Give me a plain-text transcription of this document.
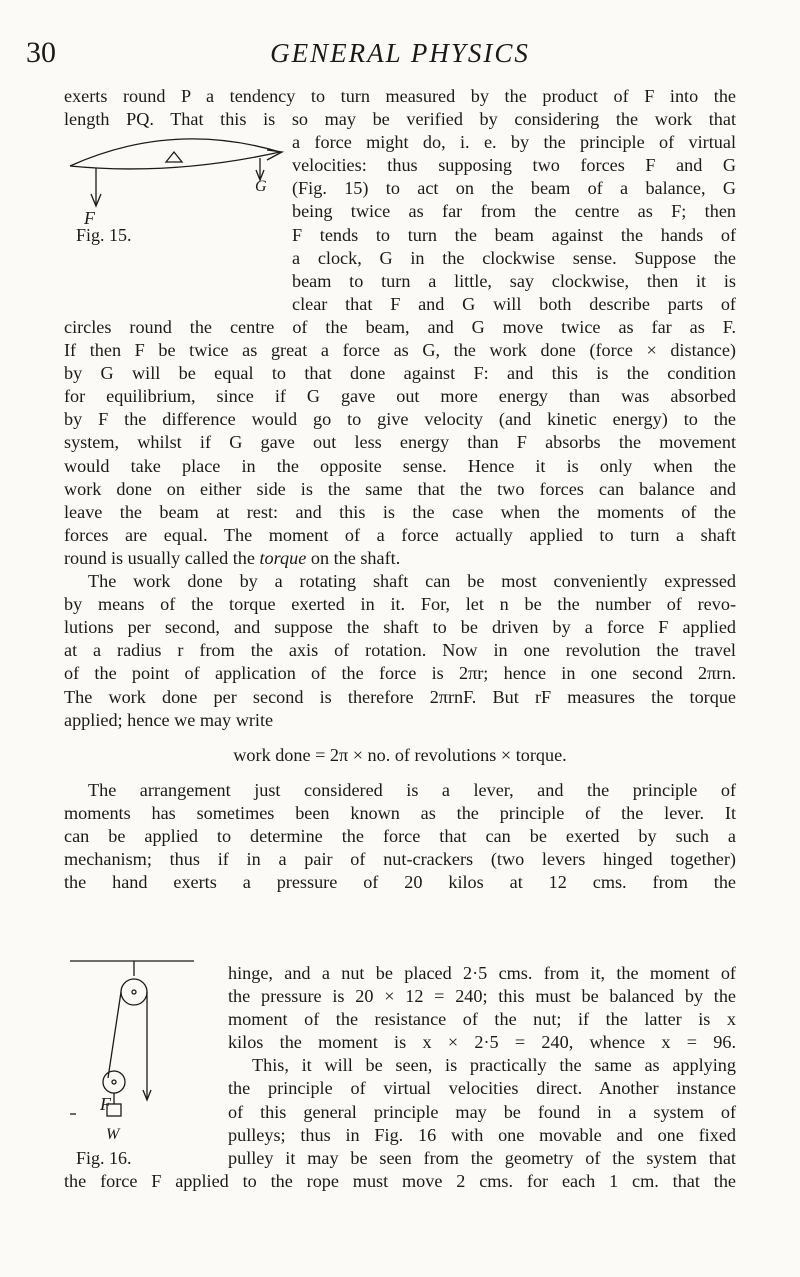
30	GENERAL PHYSICS
exerts round P a tendency to turn measured by the product of F into the
length PQ. That this is so may be verified by considering the work that
F
G
Fig. 15.
a force might do, i. e. by the principle of virtual
velocities: thus supposing two forces F and G
(Fig. 15) to act on the beam of a balance, G
being twice as far from the centre as F; then
F tends to turn the beam against the hands of
a clock, G in the clockwise sense. Suppose the
beam to turn a little, say clockwise, then it is
clear that F and G will both describe parts of
circles round the centre of the beam, and G move twice as far as F.
If then F be twice as great a force as G, the work done (force × distance)
by G will be equal to that done against F: and this is the condition
for equilibrium, since if G gave out more energy than was absorbed
by F the difference would go to give velocity (and kinetic energy) to the
system, whilst if G gave out less energy than F absorbs the movement
would take place in the opposite sense. Hence it is only when the
work done on either side is the same that the two forces can balance and
leave the beam at rest: and this is the case when the moments of the
forces are equal. The moment of a force actually applied to turn a shaft
round is usually called the torque on the shaft.
The work done by a rotating shaft can be most conveniently expressed
by means of the torque exerted in it. For, let n be the number of revo-
lutions per second, and suppose the shaft to be driven by a force F applied
at a radius r from the axis of rotation. Now in one revolution the travel
of the point of application of the force is 2πr; hence in one second 2πrn.
The work done per second is therefore 2πrnF. But rF measures the torque
applied; hence we may write
work done = 2π × no. of revolutions × torque.
The arrangement just considered is a lever, and the principle of
moments has sometimes been known as the principle of the lever. It
can be applied to determine the force that can be exerted by such a
mechanism; thus if in a pair of nut-crackers (two levers hinged together)
the hand exerts a pressure of 20 kilos at 12 cms. from the
F
W
Fig. 16.
hinge, and a nut be placed 2·5 cms. from it, the moment of
the pressure is 20 × 12 = 240; this must be balanced by the
moment of the resistance of the nut; if the latter is x
kilos the moment is x × 2·5 = 240, whence x = 96.
This, it will be seen, is practically the same as applying
the principle of virtual velocities direct. Another instance
of this general principle may be found in a system of
pulleys; thus in Fig. 16 with one movable and one fixed
pulley it may be seen from the geometry of the system that
the force F applied to the rope must move 2 cms. for each 1 cm. that the
